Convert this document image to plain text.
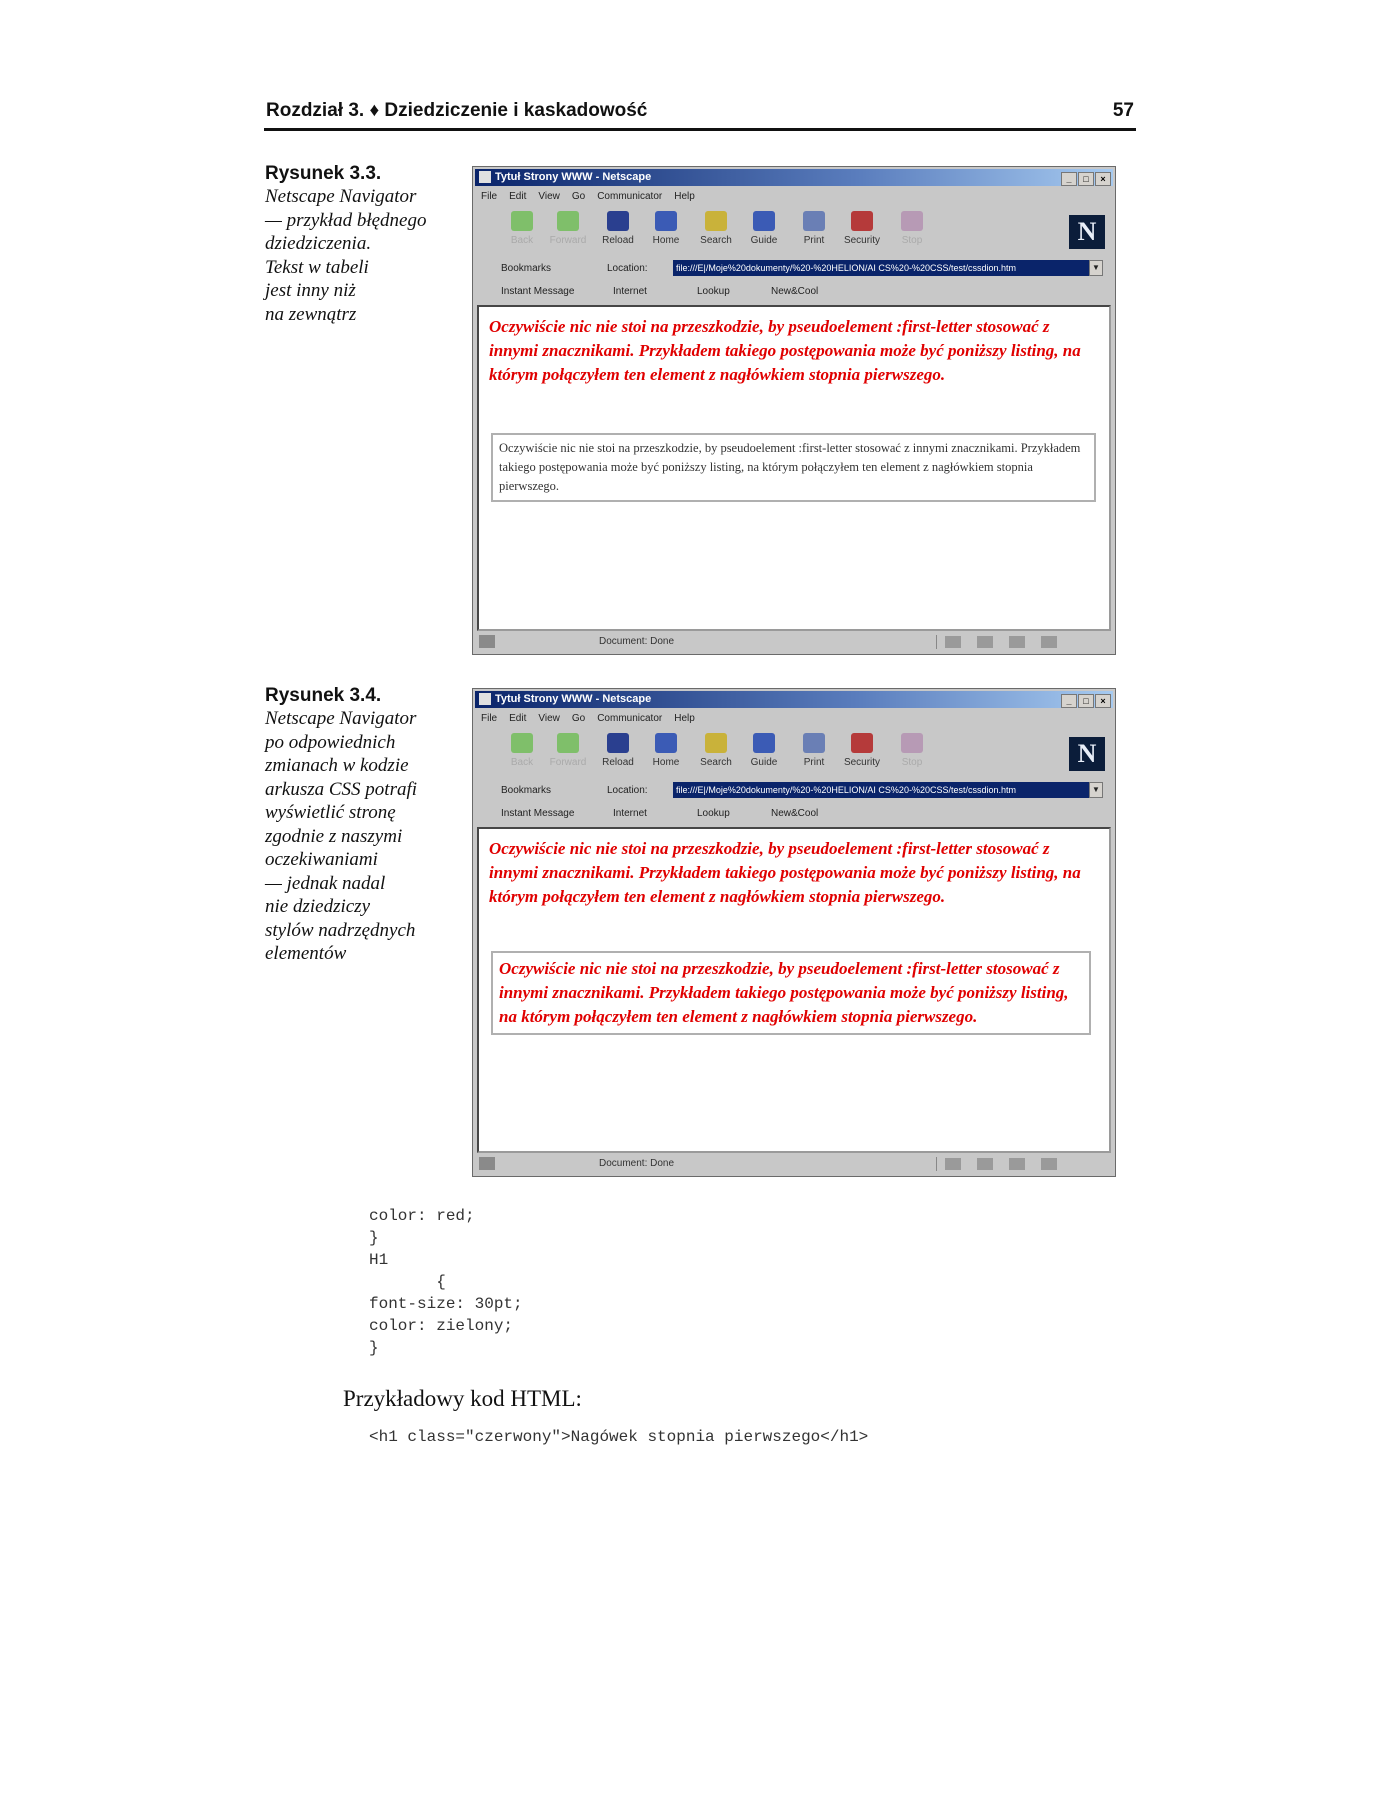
Rozdział 3. ♦ Dziedziczenie i kaskadowość	57
Rysunek 3.3.
Netscape Navigator
— przykład błędnego
dziedziczenia.
Tekst w tabeli
jest inny niż
na zewnątrz
Tytuł Strony WWW - Netscape	_ □ ×
File Edit View Go Communicator Help
Back	Forward	Reload	Home	Search	Guide	Print	Security	Stop	N
Bookmarks	Location:	file:///E|/Moje%20dokumenty/%20-%20HELION/AI CS%20-%20CSS/test/cssdion.htm	▼
Instant Message	Internet	Lookup	New&Cool
Oczywiście nic nie stoi na przeszkodzie, by pseudoelement :first-letter stosować z innymi znacznikami. Przykładem takiego postępowania może być poniższy listing, na którym połączyłem ten element z nagłówkiem stopnia pierwszego.
Oczywiście nic nie stoi na przeszkodzie, by pseudoelement :first-letter stosować z innymi znacznikami. Przykładem takiego postępowania może być poniższy listing, na którym połączyłem ten element z nagłówkiem stopnia pierwszego.
Document: Done
Rysunek 3.4.
Netscape Navigator
po odpowiednich
zmianach w kodzie
arkusza CSS potrafi
wyświetlić stronę
zgodnie z naszymi
oczekiwaniami
— jednak nadal
nie dziedziczy
stylów nadrzędnych
elementów
Tytuł Strony WWW - Netscape	_ □ ×
File Edit View Go Communicator Help
Back	Forward	Reload	Home	Search	Guide	Print	Security	Stop	N
Bookmarks	Location:	file:///E|/Moje%20dokumenty/%20-%20HELION/AI CS%20-%20CSS/test/cssdion.htm	▼
Instant Message	Internet	Lookup	New&Cool
Oczywiście nic nie stoi na przeszkodzie, by pseudoelement :first-letter stosować z innymi znacznikami. Przykładem takiego postępowania może być poniższy listing, na którym połączyłem ten element z nagłówkiem stopnia pierwszego.
Oczywiście nic nie stoi na przeszkodzie, by pseudoelement :first-letter stosować z innymi znacznikami. Przykładem takiego postępowania może być poniższy listing, na którym połączyłem ten element z nagłówkiem stopnia pierwszego.
Document: Done
color: red;
}
H1
{
font-size: 30pt;
color: zielony;
}
Przykładowy kod HTML:
<h1 class="czerwony">Nagówek stopnia pierwszego</h1>
